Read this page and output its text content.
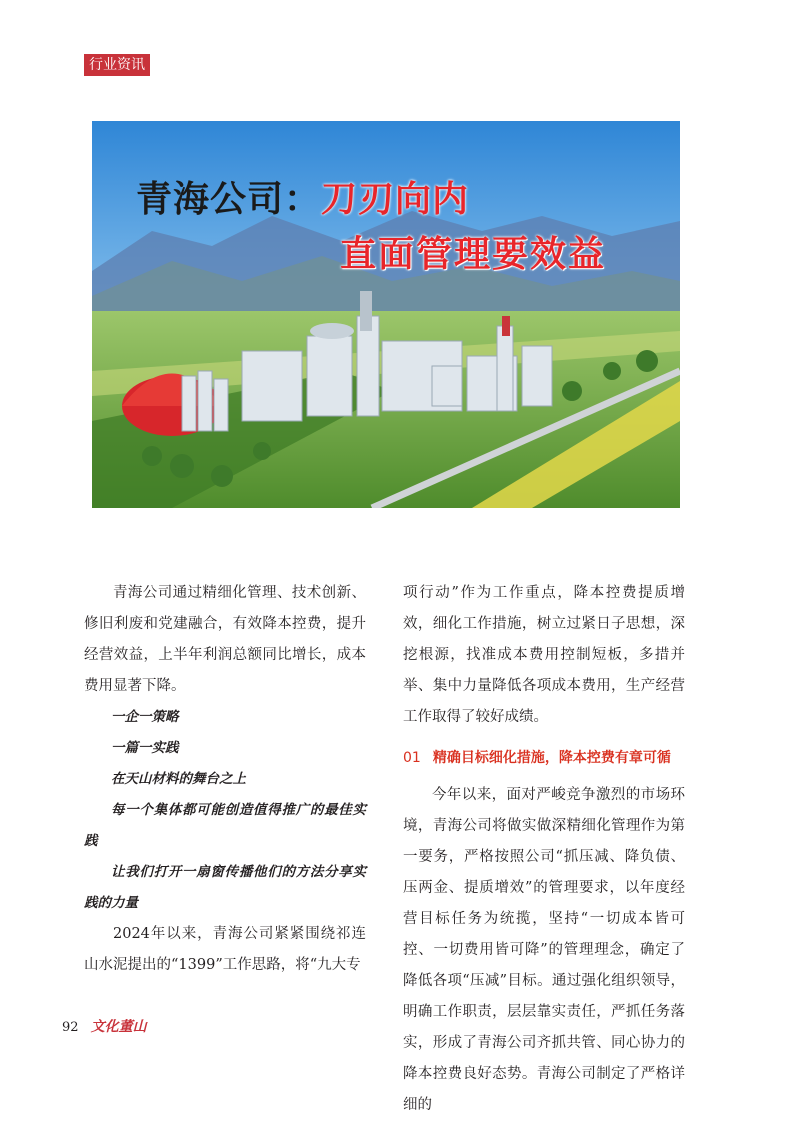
行业资讯
青海公司：刀刃向内
直面管理要效益

青海公司通过精细化管理、技术创新、修旧利废和党建融合，有效降本控费，提升经营效益，上半年利润总额同比增长，成本费用显著下降。

一企一策略

一篇一实践

在天山材料的舞台之上

每一个集体都可能创造值得推广的最佳实践

让我们打开一扇窗传播他们的方法分享实践的力量

2024年以来，青海公司紧紧围绕祁连山水泥提出的“1399”工作思路，将“九大专

项行动”作为工作重点，降本控费提质增效，细化工作措施，树立过紧日子思想，深挖根源，找准成本费用控制短板，多措并举、集中力量降低各项成本费用，生产经营工作取得了较好成绩。

01 精确目标细化措施，降本控费有章可循

今年以来，面对严峻竞争激烈的市场环境，青海公司将做实做深精细化管理作为第一要务，严格按照公司“抓压减、降负债、压两金、提质增效”的管理要求，以年度经营目标任务为统揽，坚持“一切成本皆可控、一切费用皆可降”的管理理念，确定了降低各项“压减”目标。通过强化组织领导，明确工作职责，层层靠实责任，严抓任务落实，形成了青海公司齐抓共管、同心协力的降本控费良好态势。青海公司制定了严格详细的

92 文化董山
